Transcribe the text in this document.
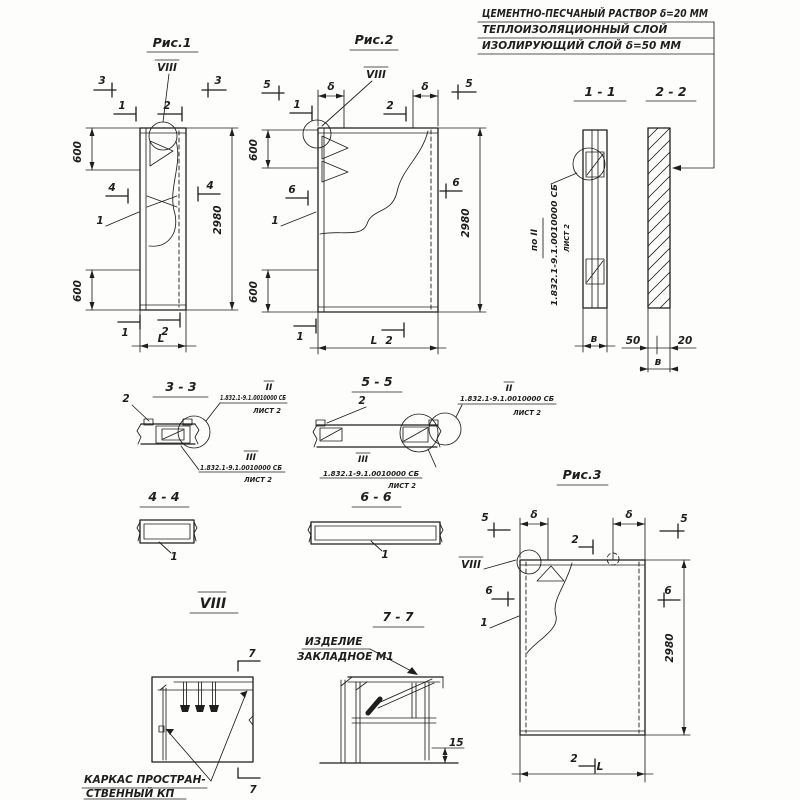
ЦЕМЕНТНО-ПЕСЧАНЫЙ РАСТВОР δ=20 ММ
ТЕПЛОИЗОЛЯЦИОННЫЙ СЛОЙ
ИЗОЛИРУЮЩИЙ СЛОЙ δ=50 ММ
Рис.1
VIII
600
600
2980
L
3	3
1	2
4	4
1	2
1
Рис.2
VIII
δ	δ
600
600
2980
L
5	5
1	2
6
6
1	2
1
1 - 1
по II 1.832.1-9.1.0010000 СБ ЛИСТ 2
в
2 - 2
50	20
в
3 - 3
2
II
1.832.1-9.1.0010000 СБ
ЛИСТ 2
III
1.832.1-9.1.0010000 СБ
ЛИСТ 2
5 - 5
2
II
1.832.1-9.1.0010000 СБ
ЛИСТ 2
III
1.832.1-9.1.0010000 СБ
ЛИСТ 2
4 - 4
1
6 - 6
1
Рис.3
VIII
δ	δ
5	5
2
6	6
1
2980
L
2
VIII
7
7
КАРКАС ПРОСТРАН-
СТВЕННЫЙ КП
7 - 7
ИЗДЕЛИЕ
ЗАКЛАДНОЕ М1
15
